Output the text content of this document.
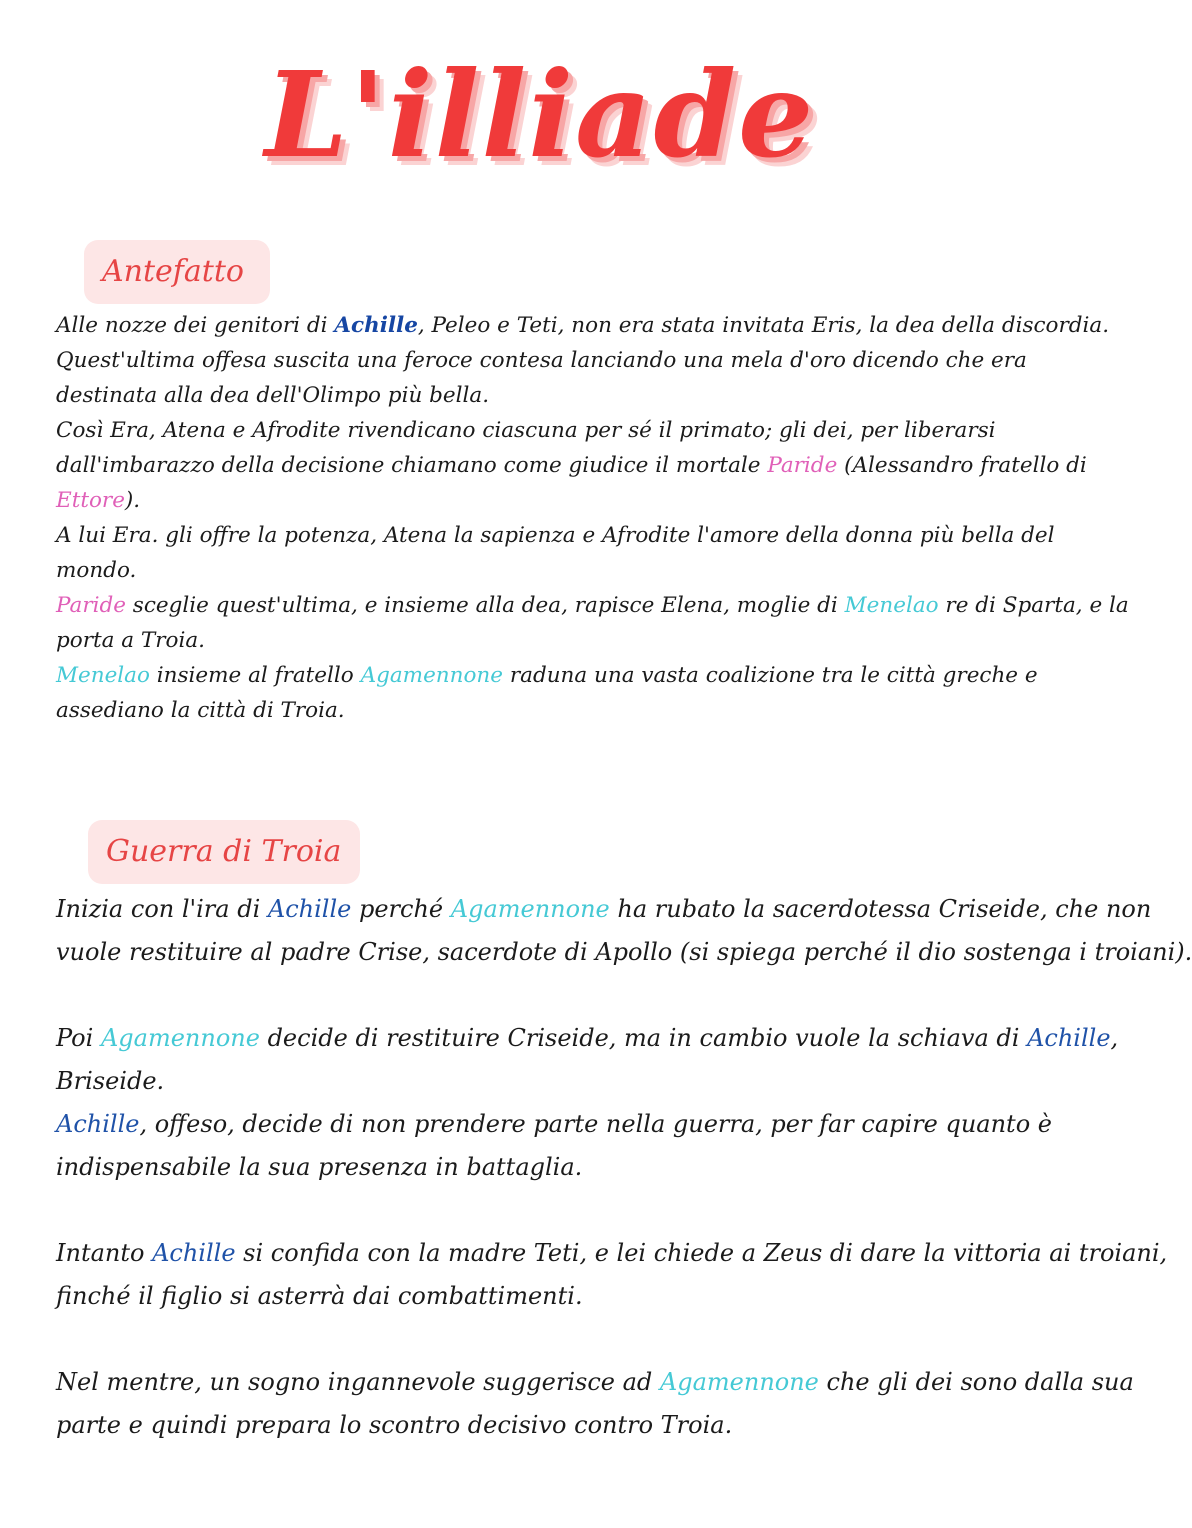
L'illiade
Antefatto
Alle nozze dei genitori di Achille, Peleo e Teti, non era stata invitata Eris, la dea della discordia.
Quest'ultima offesa suscita una feroce contesa lanciando una mela d'oro dicendo che era
destinata alla dea dell'Olimpo più bella.
Così Era, Atena e Afrodite rivendicano ciascuna per sé il primato; gli dei, per liberarsi
dall'imbarazzo della decisione chiamano come giudice il mortale Paride (Alessandro fratello di
Ettore).
A lui Era. gli offre la potenza, Atena la sapienza e Afrodite l'amore della donna più bella del
mondo.
Paride sceglie quest'ultima, e insieme alla dea, rapisce Elena, moglie di Menelao re di Sparta, e la
porta a Troia.
Menelao insieme al fratello Agamennone raduna una vasta coalizione tra le città greche e
assediano la città di Troia.
Guerra di Troia
Inizia con l'ira di Achille perché Agamennone ha rubato la sacerdotessa Criseide, che non
vuole restituire al padre Crise, sacerdote di Apollo (si spiega perché il dio sostenga i troiani).
Poi Agamennone decide di restituire Criseide, ma in cambio vuole la schiava di Achille,
Briseide.
Achille, offeso, decide di non prendere parte nella guerra, per far capire quanto è
indispensabile la sua presenza in battaglia.
Intanto Achille si confida con la madre Teti, e lei chiede a Zeus di dare la vittoria ai troiani,
finché il figlio si asterrà dai combattimenti.
Nel mentre, un sogno ingannevole suggerisce ad Agamennone che gli dei sono dalla sua
parte e quindi prepara lo scontro decisivo contro Troia.
